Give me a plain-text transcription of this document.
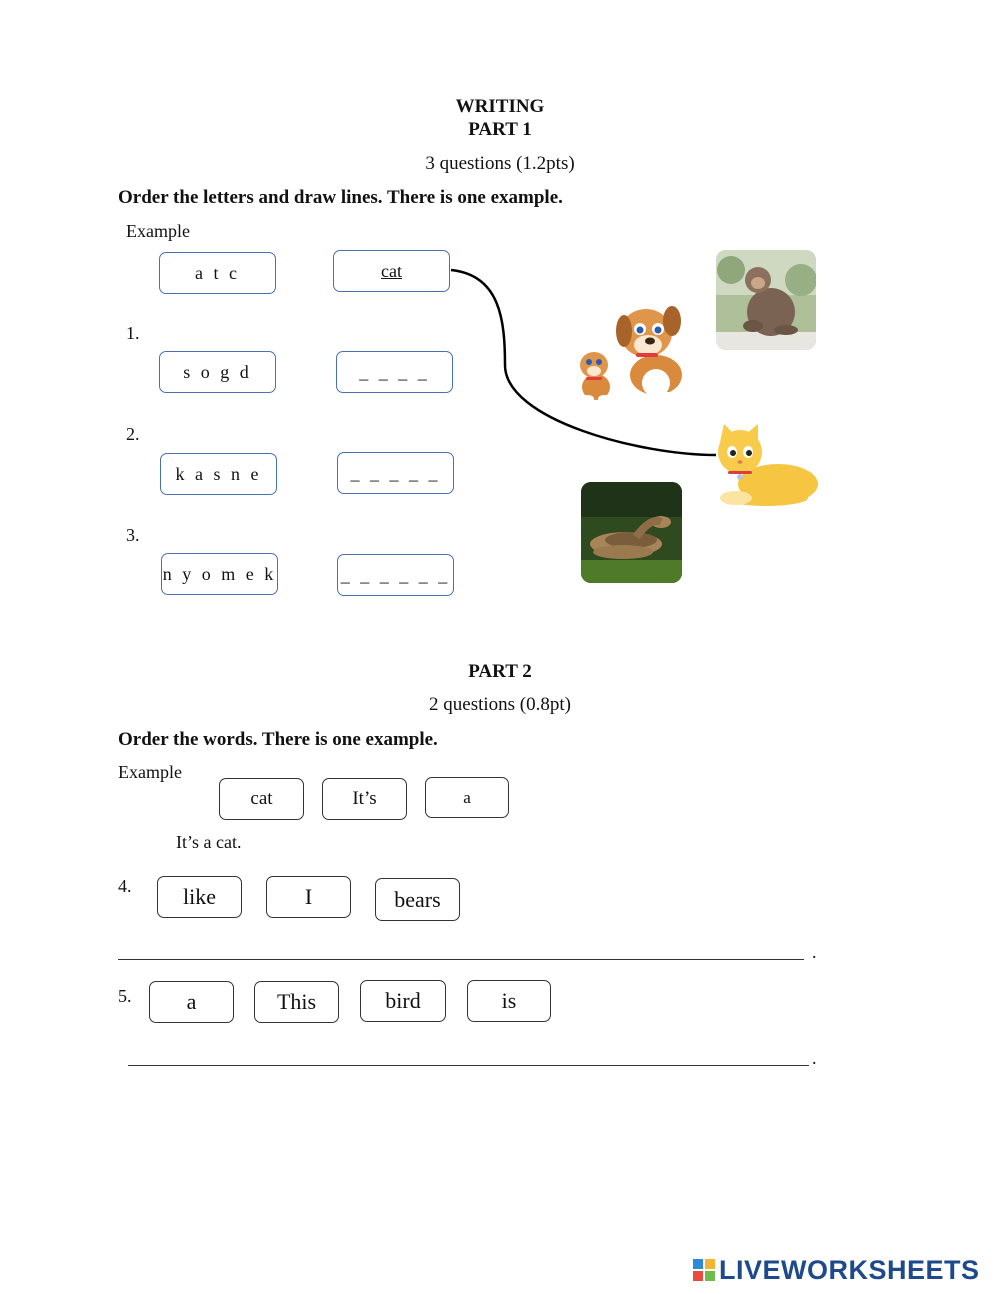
WRITING
PART 1
3 questions (1.2pts)
Order the letters and draw lines. There is one example.
Example
a t c	cat
1.
s o g d	_ _ _ _
2.
k a s n e	_ _ _ _ _
3.
n y o m e k	_ _ _ _ _ _
PART 2
2 questions (0.8pt)
Order the words. There is one example.
Example
cat	It’s	a
It’s a cat.
4. like	I	bears
.
5.	a	This	bird	is
.
LIVEWORKSHEETS
